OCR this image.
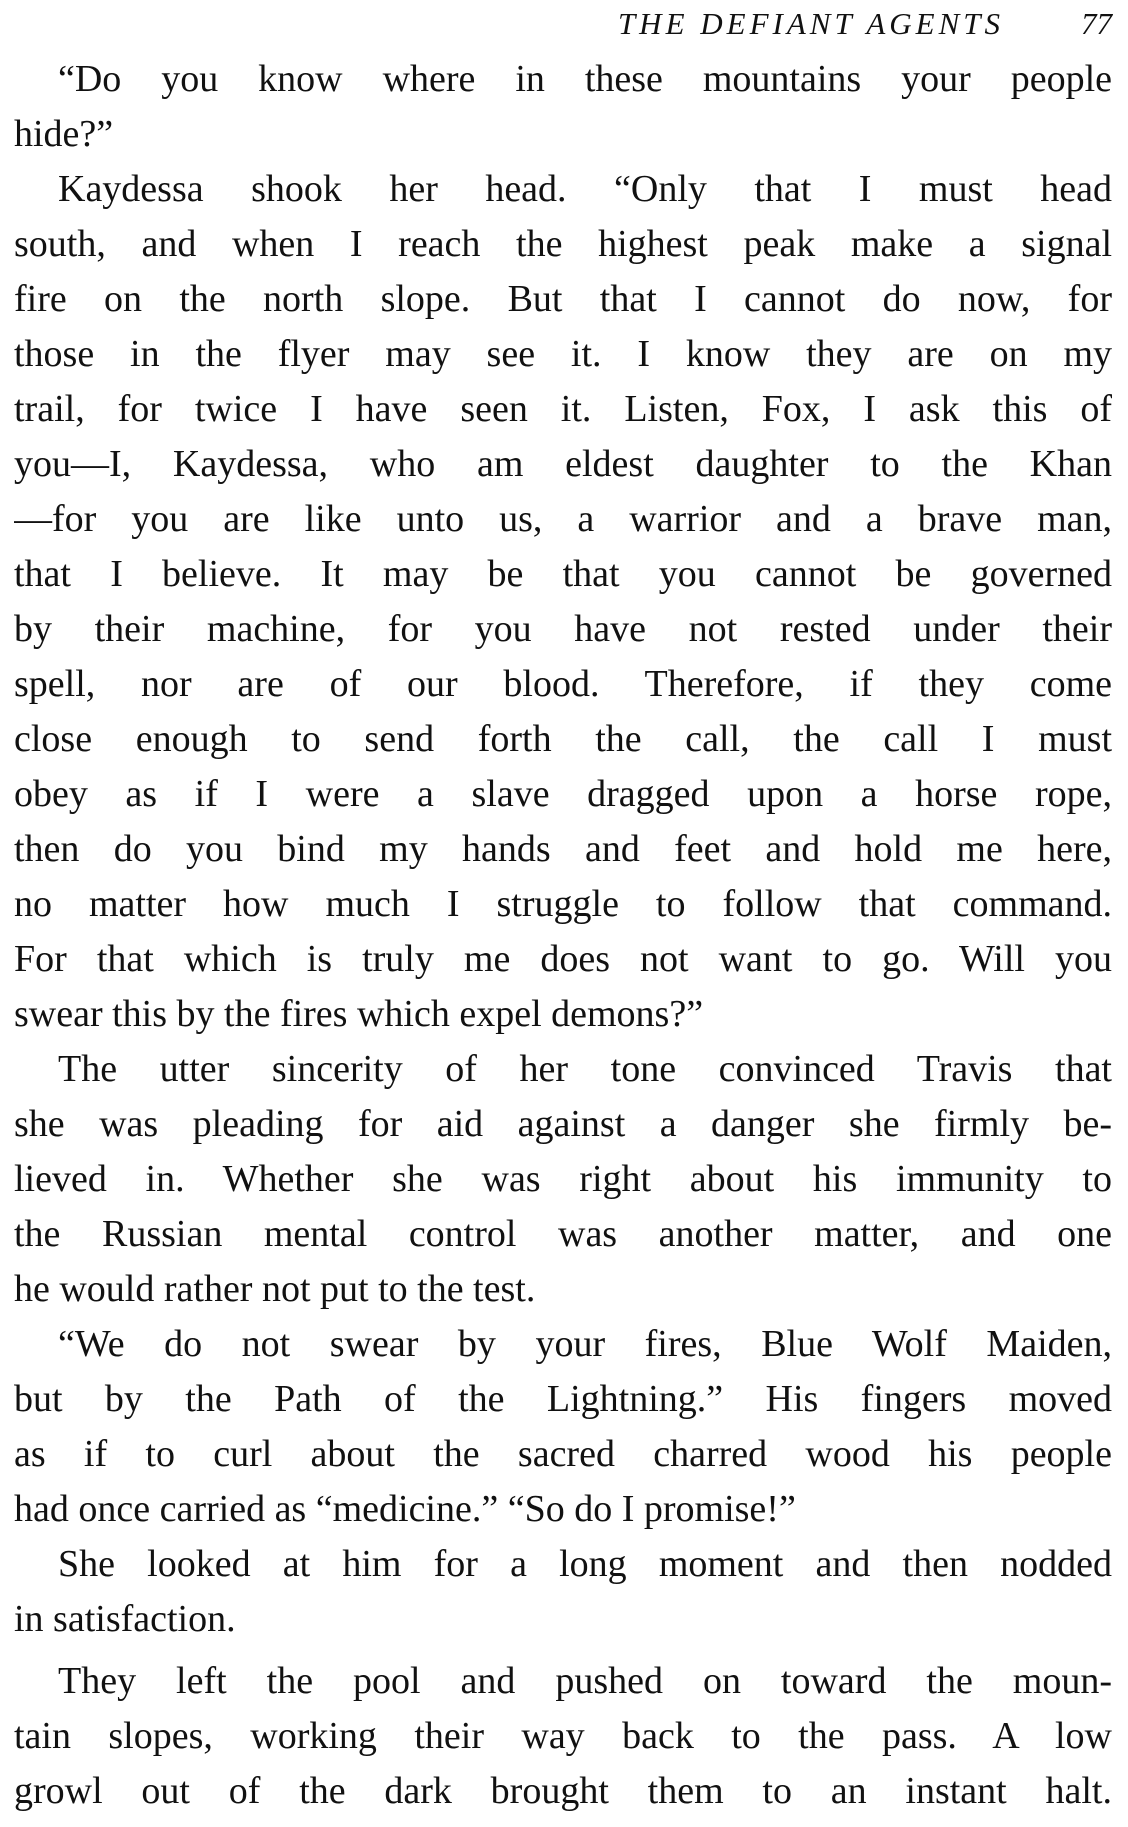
THE DEFIANT AGENTS 77
“Do you know where in these mountains your people
hide?”
Kaydessa shook her head. “Only that I must head
south, and when I reach the highest peak make a signal
fire on the north slope. But that I cannot do now, for
those in the flyer may see it. I know they are on my
trail, for twice I have seen it. Listen, Fox, I ask this of
you—I, Kaydessa, who am eldest daughter to the Khan
—for you are like unto us, a warrior and a brave man,
that I believe. It may be that you cannot be governed
by their machine, for you have not rested under their
spell, nor are of our blood. Therefore, if they come
close enough to send forth the call, the call I must
obey as if I were a slave dragged upon a horse rope,
then do you bind my hands and feet and hold me here,
no matter how much I struggle to follow that command.
For that which is truly me does not want to go. Will you
swear this by the fires which expel demons?”
The utter sincerity of her tone convinced Travis that
she was pleading for aid against a danger she firmly be-
lieved in. Whether she was right about his immunity to
the Russian mental control was another matter, and one
he would rather not put to the test.
“We do not swear by your fires, Blue Wolf Maiden,
but by the Path of the Lightning.” His fingers moved
as if to curl about the sacred charred wood his people
had once carried as “medicine.” “So do I promise!”
She looked at him for a long moment and then nodded
in satisfaction.
They left the pool and pushed on toward the moun-
tain slopes, working their way back to the pass. A low
growl out of the dark brought them to an instant halt.
